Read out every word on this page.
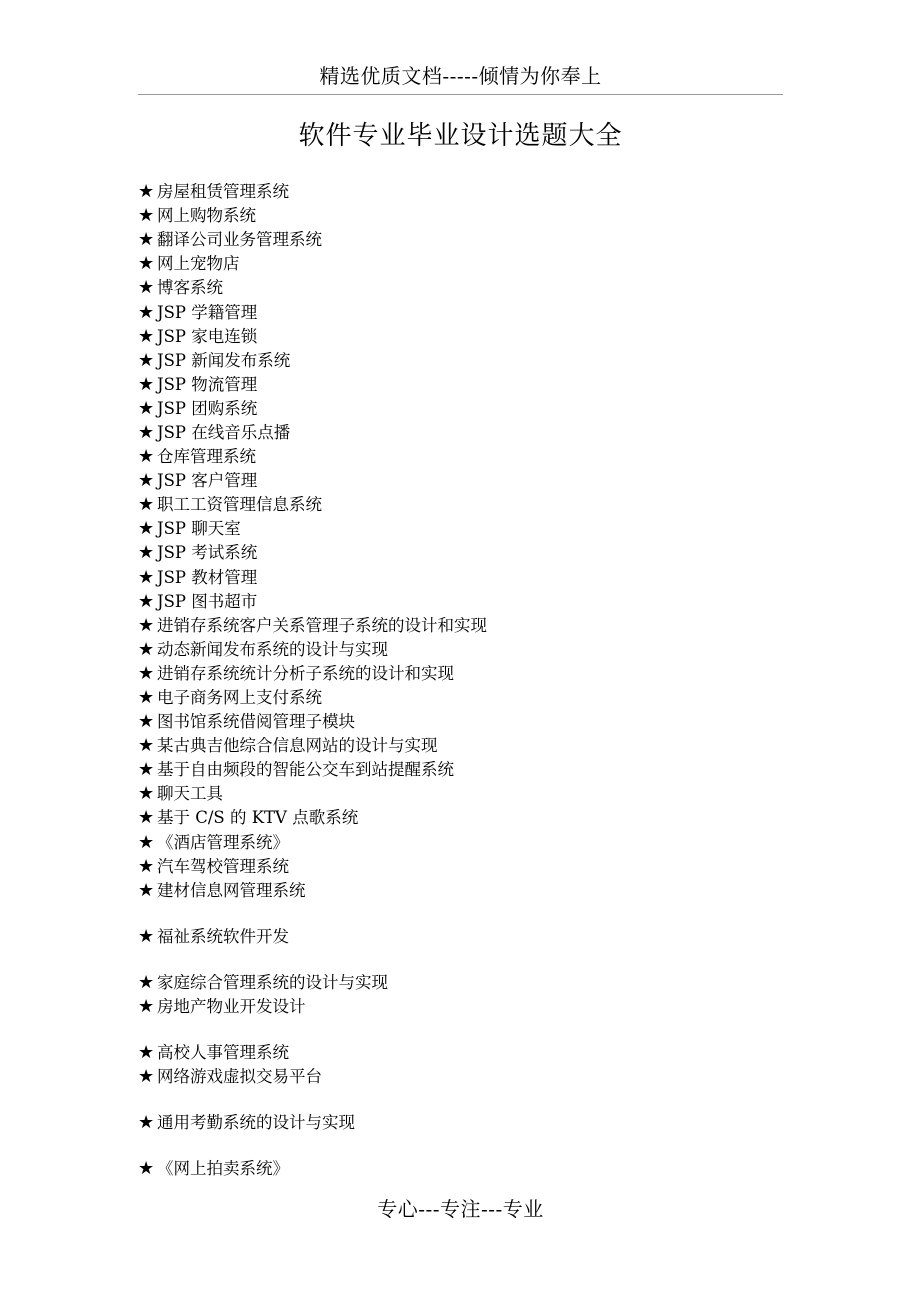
精选优质文档-----倾情为你奉上
软件专业毕业设计选题大全
★ 房屋租赁管理系统
★ 网上购物系统
★ 翻译公司业务管理系统
★ 网上宠物店
★ 博客系统
★ JSP 学籍管理
★ JSP 家电连锁
★ JSP 新闻发布系统
★ JSP 物流管理
★ JSP 团购系统
★ JSP 在线音乐点播
★ 仓库管理系统
★ JSP 客户管理
★ 职工工资管理信息系统
★ JSP 聊天室
★ JSP 考试系统
★ JSP 教材管理
★ JSP 图书超市
★ 进销存系统客户关系管理子系统的设计和实现
★ 动态新闻发布系统的设计与实现
★ 进销存系统统计分析子系统的设计和实现
★ 电子商务网上支付系统
★ 图书馆系统借阅管理子模块
★ 某古典吉他综合信息网站的设计与实现
★ 基于自由频段的智能公交车到站提醒系统
★ 聊天工具
★ 基于 C/S 的 KTV 点歌系统
★ 《酒店管理系统》
★ 汽车驾校管理系统
★ 建材信息网管理系统
★ 福祉系统软件开发
★ 家庭综合管理系统的设计与实现
★ 房地产物业开发设计
★ 高校人事管理系统
★ 网络游戏虚拟交易平台
★ 通用考勤系统的设计与实现
★ 《网上拍卖系统》
专心---专注---专业
